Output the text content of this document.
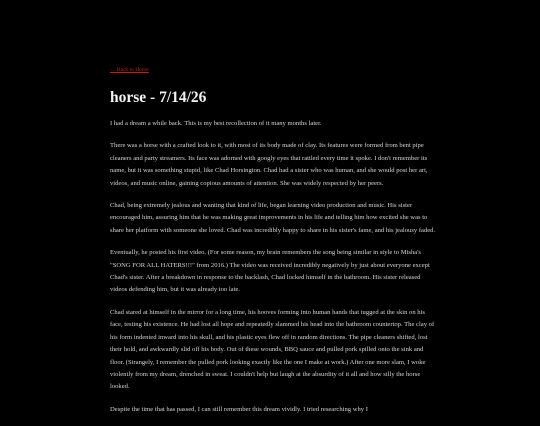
← Back to Home
horse - 7/14/26

I had a dream a while back. This is my best recollection of it many months later.

There was a horse with a crafted look to it, with most of its body made of clay. Its features were formed from bent pipe cleaners and party streamers. Its face was adorned with googly eyes that rattled every time it spoke. I don't remember its name, but it was something stupid, like Chad Horsington. Chad had a sister who was human, and she would post her art, videos, and music online, gaining copious amounts of attention. She was widely respected by her peers.

Chad, being extremely jealous and wanting that kind of life, began learning video production and music. His sister encouraged him, assuring him that he was making great improvements in his life and telling him how excited she was to share her platform with someone she loved. Chad was incredibly happy to share in his sister's fame, and his jealousy faded.

Eventually, he posted his first video. (For some reason, my brain remembers the song being similar in style to Misha's "SONG FOR ALL HATERS!!!" from 2016.) The video was received incredibly negatively by just about everyone except Chad's sister. After a breakdown in response to the backlash, Chad locked himself in the bathroom. His sister released videos defending him, but it was already too late.

Chad stared at himself in the mirror for a long time, his hooves forming into human hands that tugged at the skin on his face, testing his existence. He had lost all hope and repeatedly slammed his head into the bathroom countertop. The clay of his form indented inward into his skull, and his plastic eyes flew off in random directions. The pipe cleaners shifted, lost their hold, and awkwardly slid off his body. Out of these wounds, BBQ sauce and pulled pork spilled onto the sink and floor. (Strangely, I remember the pulled pork looking exactly like the one I make at work.) After one more slam, I woke violently from my dream, drenched in sweat. I couldn't help but laugh at the absurdity of it all and how silly the horse looked.

Despite the time that has passed, I can still remember this dream vividly. I tried researching why I
